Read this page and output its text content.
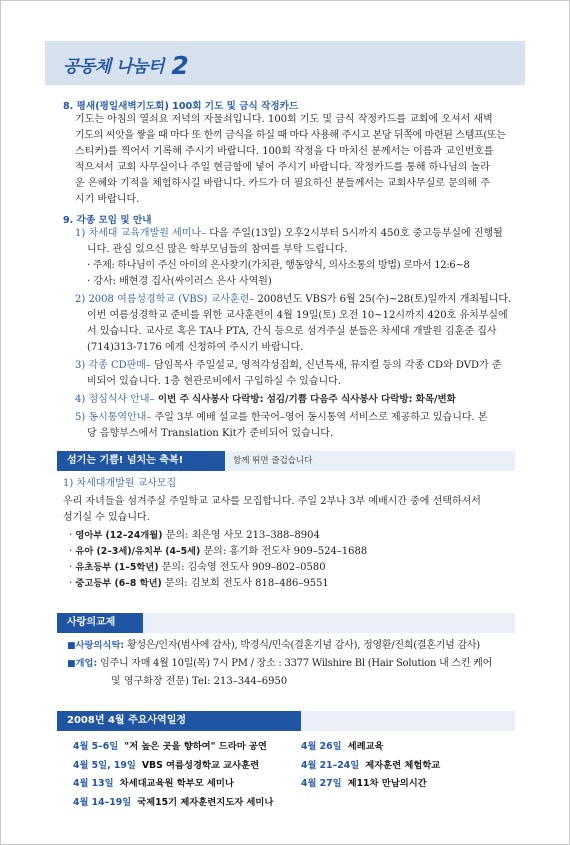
공동체 나눔터 2
8. 평새(평일새벽기도회) 100회 기도 및 금식 작정카드
기도는 아침의 열쇠요 저녁의 자물쇠입니다. 100회 기도 및 금식 작정카드를 교회에 오셔서 새벽
기도의 씨앗을 쌓을 때 마다 또 한끼 금식을 하실 때 마다 사용해 주시고 본당 뒤쪽에 마련된 스템프(또는
스티커)를 찍어서 기록해 주시기 바랍니다. 100회 작정을 다 마치신 분께서는 이름과 교인번호를
적으셔서 교회 사무실이나 주일 현금함에 넣어 주시기 바랍니다. 작정카드를 통해 하나님의 놀라
운 은혜와 기적을 체험하시길 바랍니다. 카드가 더 필요하신 분들께서는 교회사무실로 문의해 주
시기 바랍니다.
9. 각종 모임 및 안내
1) 차세대 교육개발원 세미나– 다음 주일(13일) 오후2시부터 5시까지 450호 중고등부실에 진행될
니다. 관심 있으신 많은 학부모님들의 참여를 부탁 드립니다.
· 주제: 하나님이 주신 아이의 은사찾기(가치관, 행동양식, 의사소통의 방법) 로마서 12:6~8
· 강사: 배현경 집사(싸이러스 은사 사역원)
2) 2008 여름성경학교 (VBS) 교사훈련– 2008년도 VBS가 6월 25(수)~28(토)일까지 개최됩니다.
이번 여름성경학교 준비를 위한 교사훈련이 4월 19일(토) 오전 10~12시까지 420호 유치부실에
서 있습니다. 교사로 혹은 TA나 PTA, 간식 등으로 섬겨주실 분들은 차세대 개발원 김훈준 집사
(714)313-7176 에게 신청하여 주시기 바랍니다.
3) 각종 CD판매– 담임목사 주일설교, 영적각성집회, 신년특새, 뮤지컬 등의 각종 CD와 DVD가 준
비되어 있습니다. 1층 현관로비에서 구입하실 수 있습니다.
4) 점심식사 안내– 이번 주 식사봉사 다락방: 섬김/기쁨 다음주 식사봉사 다락방: 화목/변화
5) 동시통역안내– 주일 3부 예배 설교를 한국어–영어 동시통역 서비스로 제공하고 있습니다. 본
당 음향부스에서 Translation Kit가 준비되어 있습니다.
섬기는 기쁨! 넘치는 축복!	함께 뛰면 즐겁습니다
1) 차세대개발원 교사모집
우리 자녀들을 섬겨주실 주일학교 교사를 모집합니다. 주일 2부나 3부 예배시간 중에 선택하셔서
섬기실 수 있습니다.
· 영아부 (12–24개월) 문의: 최은영 사모 213–388–8904
· 유아 (2–3세)/유치부 (4–5세) 문의: 홍기화 전도사 909–524–1688
· 유초등부 (1–5학년) 문의: 김숙영 전도사 909–802–0580
· 중고등부 (6–8 학년) 문의: 김보희 전도사 818–486–9551
사랑의교제
■사랑의식탁: 황성은/인자(범사에 감사), 박경식/민숙(결혼기념 감사), 정영환/진희(결혼기념 감사)
■개업: 임주니 자매 4월 10일(목) 7시 PM / 장소 : 3377 Wilshire Bl (Hair Solution 내 스킨 케어
및 영구화장 전문) Tel: 213–344–6950
2008년 4월 주요사역일정
4월 5–6일 "저 높은 곳을 향하여" 드라마 공연
4월 5일, 19일 VBS 여름성경학교 교사훈련
4월 13일 차세대교육원 학부모 세미나
4월 14–19일 국제15기 제자훈련지도자 세미나
4월 26일 세례교육
4월 21–24일 제자훈련 체험학교
4월 27일 제11차 만남의시간
